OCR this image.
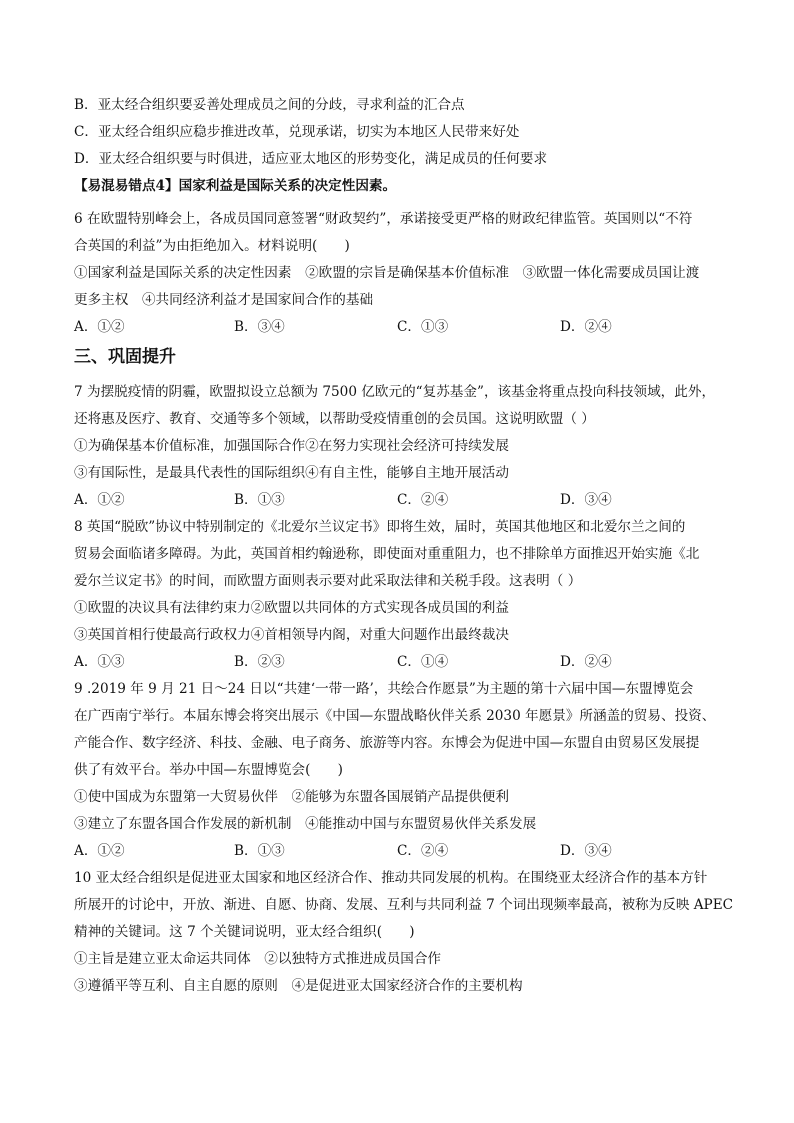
B．亚太经合组织要妥善处理成员之间的分歧，寻求利益的汇合点
C．亚太经合组织应稳步推进改革，兑现承诺，切实为本地区人民带来好处
D．亚太经合组织要与时俱进，适应亚太地区的形势变化，满足成员的任何要求
【易混易错点4】国家利益是国际关系的决定性因素。
6 在欧盟特别峰会上，各成员国同意签署“财政契约”，承诺接受更严格的财政纪律监管。英国则以“不符
合英国的利益”为由拒绝加入。材料说明(　　)
①国家利益是国际关系的决定性因素　②欧盟的宗旨是确保基本价值标准　③欧盟一体化需要成员国让渡
更多主权　④共同经济利益才是国家间合作的基础
A．①②	B．③④	C．①③	D．②④
三、巩固提升
7 为摆脱疫情的阴霾，欧盟拟设立总额为 7500 亿欧元的“复苏基金”，该基金将重点投向科技领域，此外，
还将惠及医疗、教育、交通等多个领域，以帮助受疫情重创的会员国。这说明欧盟（ ）
①为确保基本价值标准，加强国际合作②在努力实现社会经济可持续发展
③有国际性，是最具代表性的国际组织④有自主性，能够自主地开展活动
A．①②	B．①③	C．②④	D．③④
8 英国“脱欧”协议中特别制定的《北爱尔兰议定书》即将生效，届时，英国其他地区和北爱尔兰之间的
贸易会面临诸多障碍。为此，英国首相约翰逊称，即使面对重重阻力，也不排除单方面推迟开始实施《北
爱尔兰议定书》的时间，而欧盟方面则表示要对此采取法律和关税手段。这表明（ ）
①欧盟的决议具有法律约束力②欧盟以共同体的方式实现各成员国的利益
③英国首相行使最高行政权力④首相领导内阁，对重大问题作出最终裁决
A．①③	B．②③	C．①④	D．②④
9 .2019 年 9 月 21 日～24 日以“共建‘一带一路’，共绘合作愿景”为主题的第十六届中国—东盟博览会
在广西南宁举行。本届东博会将突出展示《中国—东盟战略伙伴关系 2030 年愿景》所涵盖的贸易、投资、
产能合作、数字经济、科技、金融、电子商务、旅游等内容。东博会为促进中国—东盟自由贸易区发展提
供了有效平台。举办中国—东盟博览会(　　)
①使中国成为东盟第一大贸易伙伴　②能够为东盟各国展销产品提供便利
③建立了东盟各国合作发展的新机制　④能推动中国与东盟贸易伙伴关系发展
A．①②	B．①③	C．②④	D．③④
10 亚太经合组织是促进亚太国家和地区经济合作、推动共同发展的机构。在围绕亚太经济合作的基本方针
所展开的讨论中，开放、渐进、自愿、协商、发展、互利与共同利益 7 个词出现频率最高，被称为反映 APEC
精神的关键词。这 7 个关键词说明，亚太经合组织(　　)
①主旨是建立亚太命运共同体　②以独特方式推进成员国合作
③遵循平等互利、自主自愿的原则　④是促进亚太国家经济合作的主要机构
